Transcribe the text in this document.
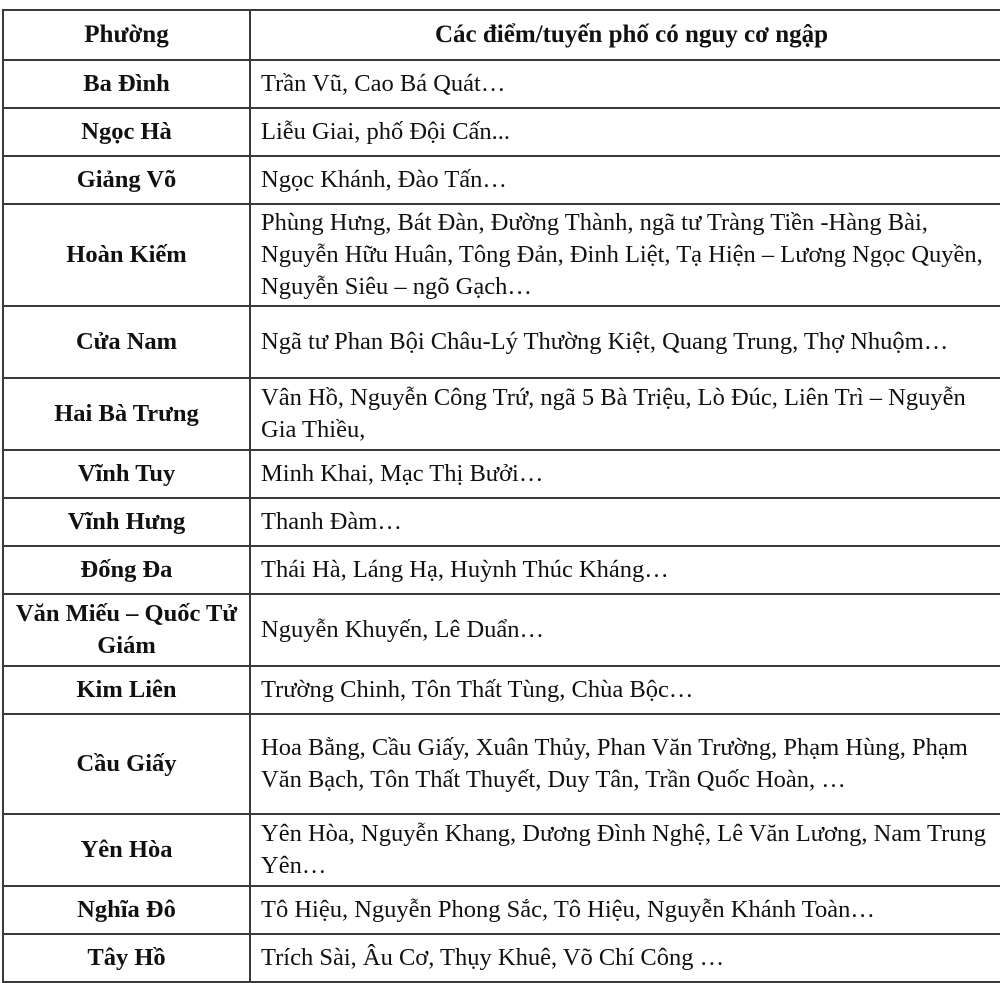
Phường	Các điểm/tuyến phố có nguy cơ ngập
Ba Đình	Trần Vũ, Cao Bá Quát…
Ngọc Hà	Liễu Giai, phố Đội Cấn...
Giảng Võ	Ngọc Khánh, Đào Tấn…
Hoàn Kiếm	Phùng Hưng, Bát Đàn, Đường Thành, ngã tư Tràng Tiền -Hàng Bài, Nguyễn Hữu Huân, Tông Đản, Đinh Liệt, Tạ Hiện – Lương Ngọc Quyền, Nguyễn Siêu – ngõ Gạch…
Cửa Nam	Ngã tư Phan Bội Châu-Lý Thường Kiệt, Quang Trung, Thợ Nhuộm…
Hai Bà Trưng	Vân Hồ, Nguyễn Công Trứ, ngã 5 Bà Triệu, Lò Đúc, Liên Trì – Nguyễn Gia Thiều,
Vĩnh Tuy	Minh Khai, Mạc Thị Bưởi…
Vĩnh Hưng	Thanh Đàm…
Đống Đa	Thái Hà, Láng Hạ, Huỳnh Thúc Kháng…
Văn Miếu – Quốc Tử Giám	Nguyễn Khuyến, Lê Duẩn…
Kim Liên	Trường Chinh, Tôn Thất Tùng, Chùa Bộc…
Cầu Giấy	Hoa Bằng, Cầu Giấy, Xuân Thủy, Phan Văn Trường, Phạm Hùng, Phạm Văn Bạch, Tôn Thất Thuyết, Duy Tân, Trần Quốc Hoàn, …
Yên Hòa	Yên Hòa, Nguyễn Khang, Dương Đình Nghệ, Lê Văn Lương, Nam Trung Yên…
Nghĩa Đô	Tô Hiệu, Nguyễn Phong Sắc, Tô Hiệu, Nguyễn Khánh Toàn…
Tây Hồ	Trích Sài, Âu Cơ, Thụy Khuê, Võ Chí Công …
